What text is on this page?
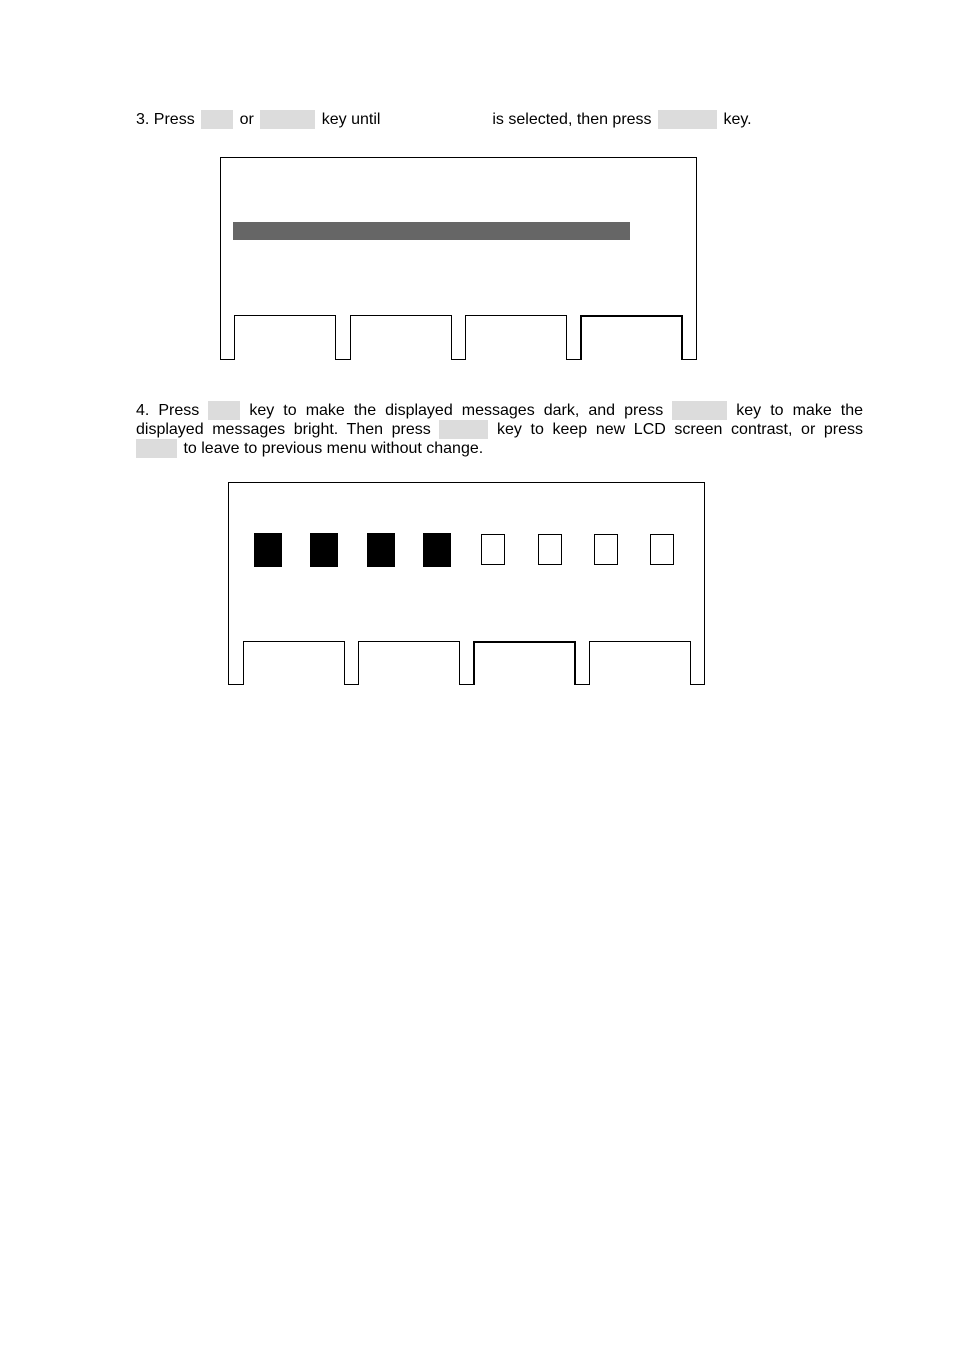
3. Press	or	key until	is selected, then press	key.
4. Press	key to make the displayed messages dark, and press	key to make the
displayed messages bright. Then press	key to keep new LCD screen contrast, or press
to leave to previous menu without change.
